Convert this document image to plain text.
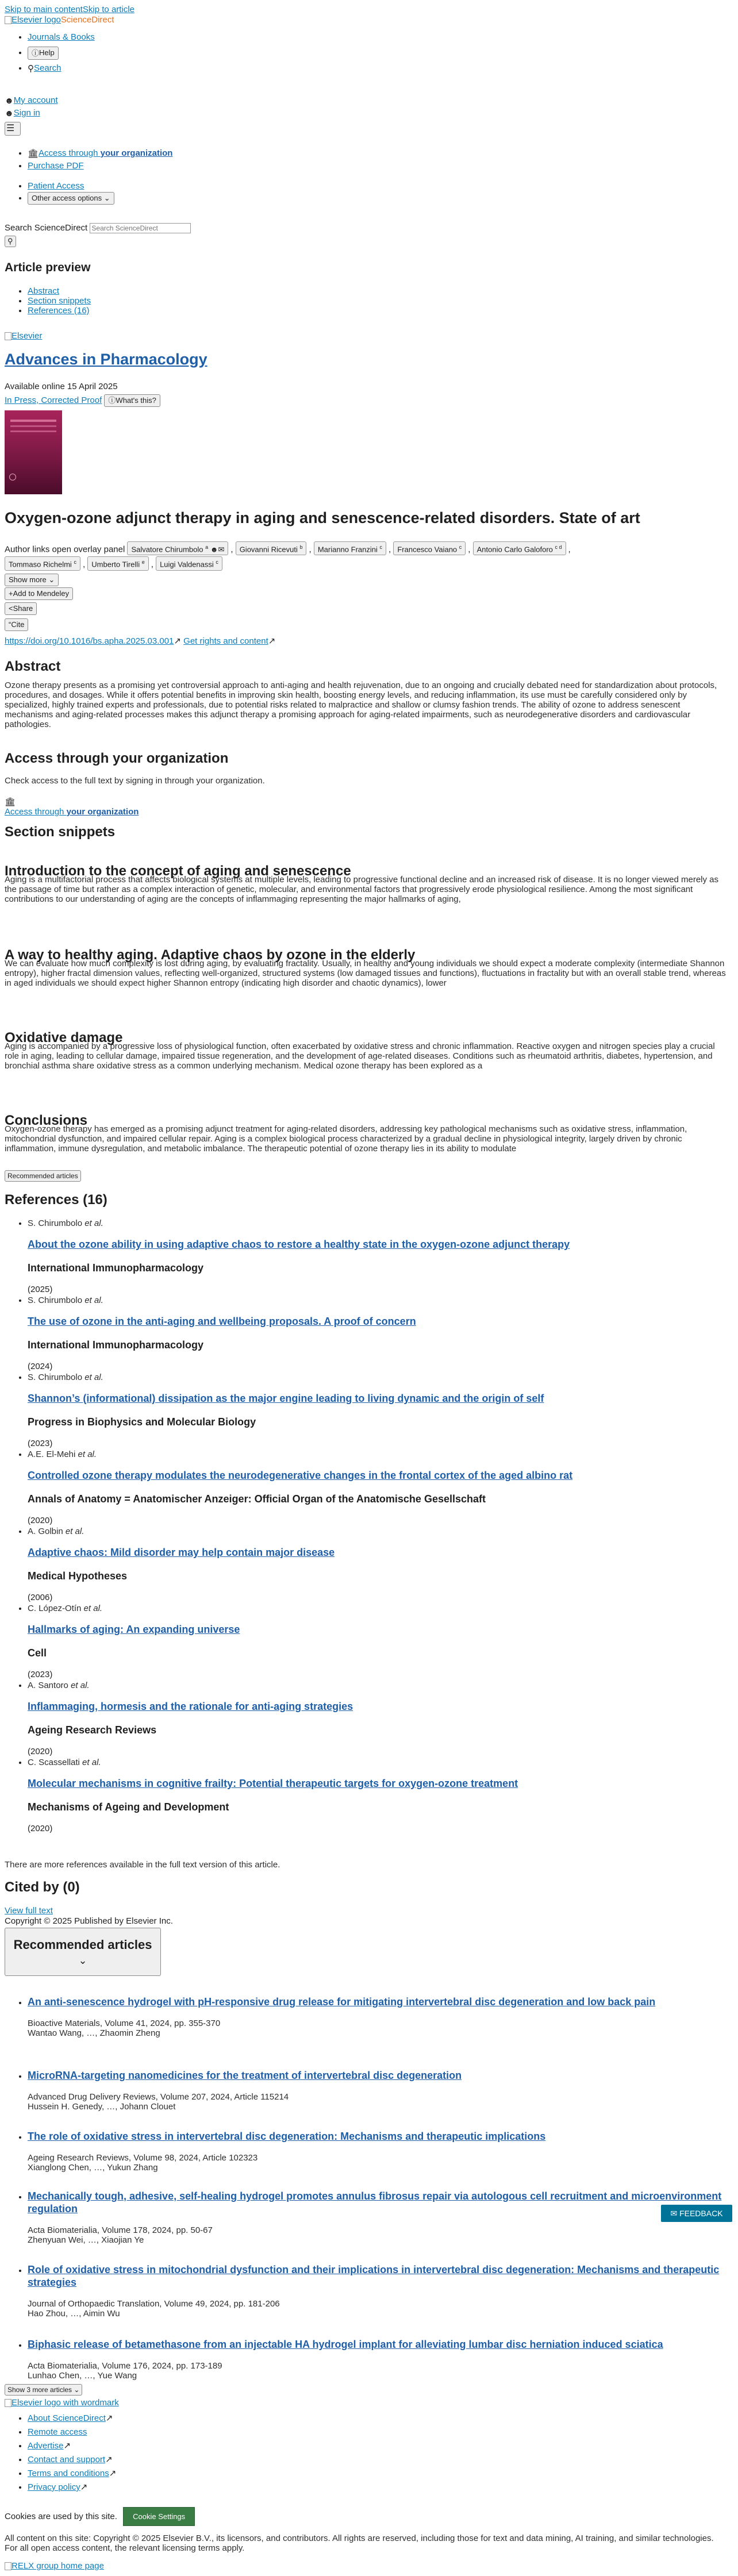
Skip to main contentSkip to article
Elsevier logoScienceDirect
• Journals & Books
• ⓘHelp
• ⚲Search
☻My account
☻Sign in
☰
• 🏛Access through your organization
• Purchase PDF
• Patient Access
• Other access options ⌄
Search ScienceDirect Search ScienceDirect
⚲
Article preview
• Abstract
• Section snippets
• References (16)
Elsevier
Advances in Pharmacology
Available online 15 April 2025
In Press, Corrected Proof ⓘWhat's this?
Oxygen-ozone adjunct therapy in aging and senescence-related disorders. State of art
Author links open overlay panel Salvatore Chirumbolo $^a$ ☻✉ , Giovanni Ricevuti $^b$ , Marianno Franzini $^c$ , Francesco Vaiano $^c$ , Antonio Carlo Galoforo $^{c d}$ ,
Tommaso Richelmi $^c$ , Umberto Tirelli $^e$ , Luigi Valdenassi $^c$
Show more ⌄
+Add to Mendeley
<Share
“Cite
https://doi.org/10.1016/bs.apha.2025.03.001↗ Get rights and content↗
Abstract

Ozone therapy presents as a promising yet controversial approach to anti-aging and health rejuvenation, due to an ongoing and crucially debated need for standardization about protocols, procedures, and dosages. While it offers potential benefits in improving skin health, boosting energy levels, and reducing inflammation, its use must be carefully considered only by specialized, highly trained experts and professionals, due to potential risks related to malpractice and shallow or clumsy fashion trends. The ability of ozone to address senescent mechanisms and aging-related processes makes this adjunct therapy a promising approach for aging-related impairments, such as neurodegenerative disorders and cardiovascular pathologies.

Access through your organization

Check access to the full text by signing in through your organization.

🏛
Access through your organization
Section snippets
Introduction to the concept of aging and senescence

Aging is a multifactorial process that affects biological systems at multiple levels, leading to progressive functional decline and an increased risk of disease. It is no longer viewed merely as the passage of time but rather as a complex interaction of genetic, molecular, and environmental factors that progressively erode physiological resilience. Among the most significant contributions to our understanding of aging are the concepts of inflammaging representing the major hallmarks of aging,

A way to healthy aging. Adaptive chaos by ozone in the elderly

We can evaluate how much complexity is lost during aging, by evaluating fractality. Usually, in healthy and young individuals we should expect a moderate complexity (intermediate Shannon entropy), higher fractal dimension values, reflecting well-organized, structured systems (low damaged tissues and functions), fluctuations in fractality but with an overall stable trend, whereas in aged individuals we should expect higher Shannon entropy (indicating high disorder and chaotic dynamics), lower

Oxidative damage

Aging is accompanied by a progressive loss of physiological function, often exacerbated by oxidative stress and chronic inflammation. Reactive oxygen and nitrogen species play a crucial role in aging, leading to cellular damage, impaired tissue regeneration, and the development of age-related diseases. Conditions such as rheumatoid arthritis, diabetes, hypertension, and bronchial asthma share oxidative stress as a common underlying mechanism. Medical ozone therapy has been explored as a

Conclusions

Oxygen-ozone therapy has emerged as a promising adjunct treatment for aging-related disorders, addressing key pathological mechanisms such as oxidative stress, inflammation, mitochondrial dysfunction, and impaired cellular repair. Aging is a complex biological process characterized by a gradual decline in physiological integrity, largely driven by chronic inflammation, immune dysregulation, and metabolic imbalance. The therapeutic potential of ozone therapy lies in its ability to modulate

Recommended articles
References (16)
• S. Chirumbolo et al.
About the ozone ability in using adaptive chaos to restore a healthy state in the oxygen-ozone adjunct therapy
International Immunopharmacology
(2025)
• S. Chirumbolo et al.
The use of ozone in the anti-aging and wellbeing proposals. A proof of concern
International Immunopharmacology
(2024)
• S. Chirumbolo et al.
Shannon’s (informational) dissipation as the major engine leading to living dynamic and the origin of self
Progress in Biophysics and Molecular Biology
(2023)
• A.E. El-Mehi et al.
Controlled ozone therapy modulates the neurodegenerative changes in the frontal cortex of the aged albino rat
Annals of Anatomy = Anatomischer Anzeiger: Official Organ of the Anatomische Gesellschaft
(2020)
• A. Golbin et al.
Adaptive chaos: Mild disorder may help contain major disease
Medical Hypotheses
(2006)
• C. López-Otín et al.
Hallmarks of aging: An expanding universe
Cell
(2023)
• A. Santoro et al.
Inflammaging, hormesis and the rationale for anti-aging strategies
Ageing Research Reviews
(2020)
• C. Scassellati et al.
Molecular mechanisms in cognitive frailty: Potential therapeutic targets for oxygen-ozone treatment
Mechanisms of Ageing and Development
(2020)

There are more references available in the full text version of this article.

Cited by (0)
View full text
Copyright © 2025 Published by Elsevier Inc.
Recommended articles
⌄
• An anti-senescence hydrogel with pH-responsive drug release for mitigating intervertebral disc degeneration and low back pain
Bioactive Materials, Volume 41, 2024, pp. 355-370
Wantao Wang, …, Zhaomin Zheng
• MicroRNA-targeting nanomedicines for the treatment of intervertebral disc degeneration
Advanced Drug Delivery Reviews, Volume 207, 2024, Article 115214
Hussein H. Genedy, …, Johann Clouet
• The role of oxidative stress in intervertebral disc degeneration: Mechanisms and therapeutic implications
Ageing Research Reviews, Volume 98, 2024, Article 102323
Xianglong Chen, …, Yukun Zhang
• Mechanically tough, adhesive, self-healing hydrogel promotes annulus fibrosus repair via autologous cell recruitment and microenvironment regulation
Acta Biomaterialia, Volume 178, 2024, pp. 50-67
Zhenyuan Wei, …, Xiaojian Ye
• Role of oxidative stress in mitochondrial dysfunction and their implications in intervertebral disc degeneration: Mechanisms and therapeutic strategies
Journal of Orthopaedic Translation, Volume 49, 2024, pp. 181-206
Hao Zhou, …, Aimin Wu
• Biphasic release of betamethasone from an injectable HA hydrogel implant for alleviating lumbar disc herniation induced sciatica
Acta Biomaterialia, Volume 176, 2024, pp. 173-189
Lunhao Chen, …, Yue Wang
Show 3 more articles ⌄
✉ FEEDBACK
Elsevier logo with wordmark
• About ScienceDirect↗
• Remote access
• Advertise↗
• Contact and support↗
• Terms and conditions↗
• Privacy policy↗
Cookies are used by this site. Cookie Settings

All content on this site: Copyright © 2025 Elsevier B.V., its licensors, and contributors. All rights are reserved, including those for text and data mining, AI training, and similar technologies. For all open access content, the relevant licensing terms apply.

RELX group home page
